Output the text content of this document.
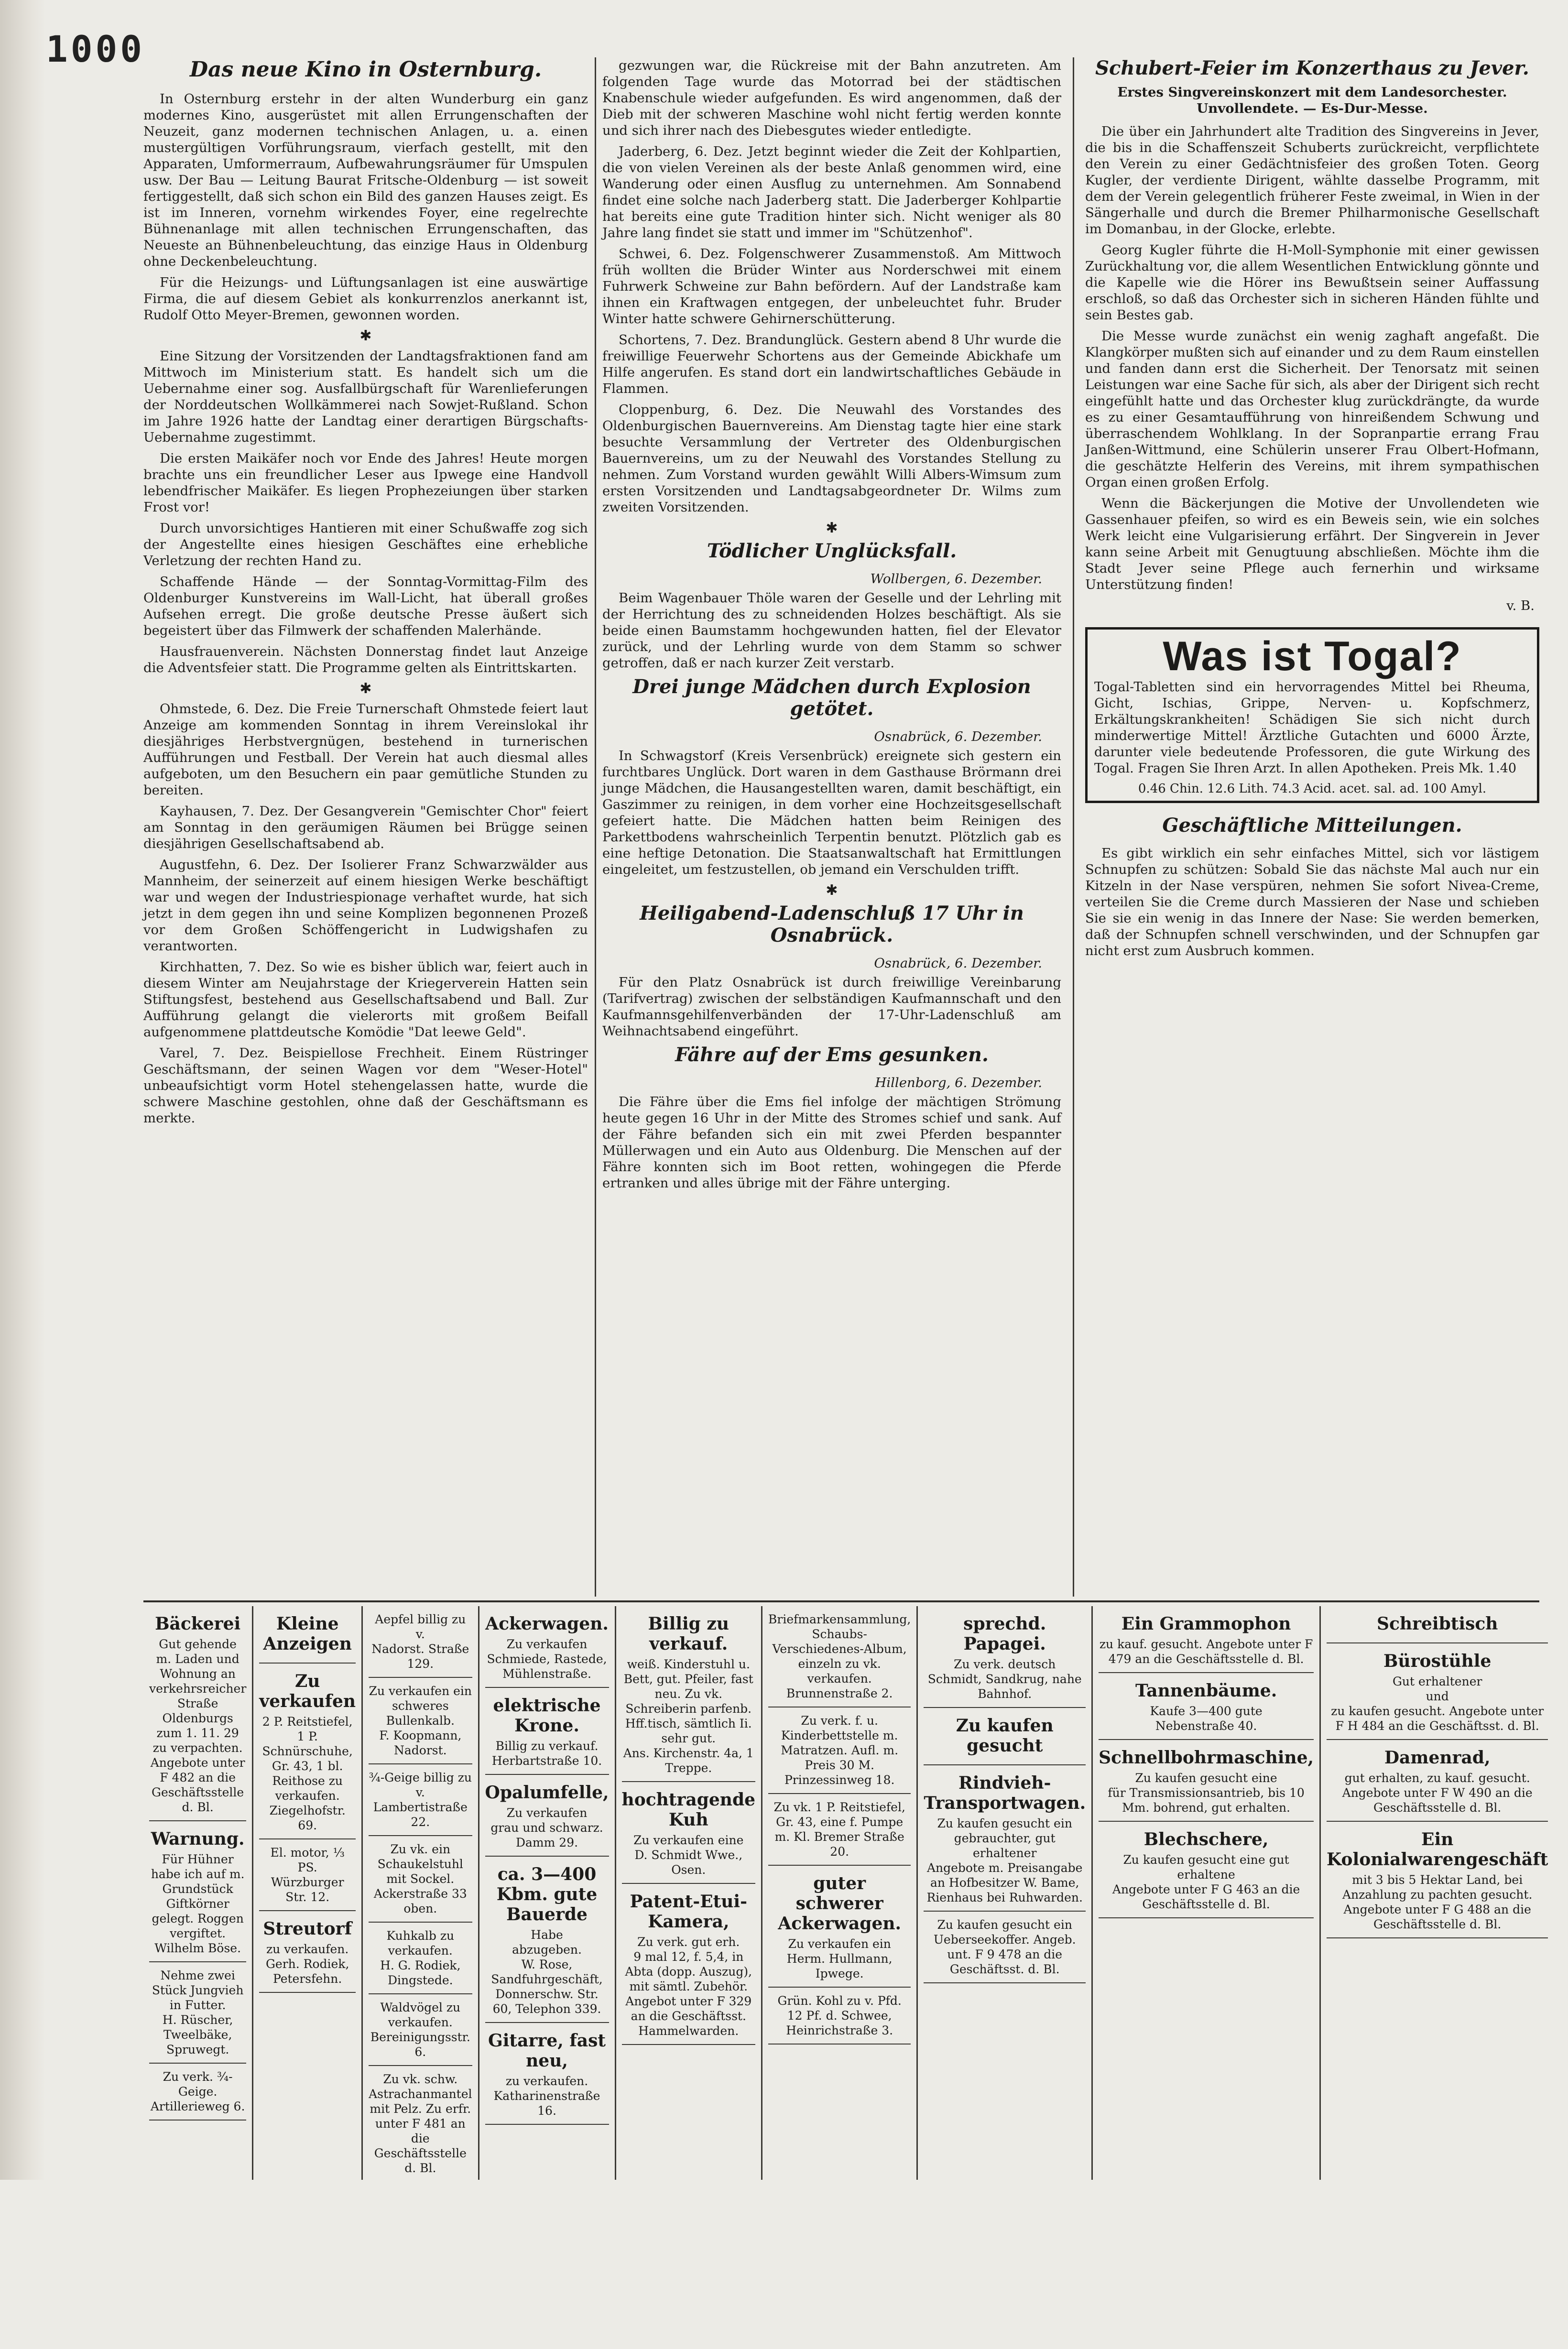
1000	Das neue Kino in Osternburg.

In Osternburg erstehr in der alten Wunderburg ein ganz modernes Kino, ausgerüstet mit allen Errungenschaften der Neuzeit, ganz modernen technischen Anlagen, u. a. einen mustergültigen Vorführungsraum, vierfach gestellt, mit den Apparaten, Umformerraum, Aufbewahrungsräumer für Umspulen usw. Der Bau — Leitung Baurat Fritsche-Oldenburg — ist soweit fertiggestellt, daß sich schon ein Bild des ganzen Hauses zeigt. Es ist im Inneren, vornehm wirkendes Foyer, eine regelrechte Bühnenanlage mit allen technischen Errungenschaften, das Neueste an Bühnenbeleuchtung, das einzige Haus in Oldenburg ohne Deckenbeleuchtung.

Für die Heizungs- und Lüftungsanlagen ist eine auswärtige Firma, die auf diesem Gebiet als konkurrenzlos anerkannt ist, Rudolf Otto Meyer-Bremen, gewonnen worden.

✱

Eine Sitzung der Vorsitzenden der Landtagsfraktionen fand am Mittwoch im Ministerium statt. Es handelt sich um die Uebernahme einer sog. Ausfallbürgschaft für Warenlieferungen der Norddeutschen Wollkämmerei nach Sowjet-Rußland. Schon im Jahre 1926 hatte der Landtag einer derartigen Bürgschafts-Uebernahme zugestimmt.

Die ersten Maikäfer noch vor Ende des Jahres! Heute morgen brachte uns ein freundlicher Leser aus Ipwege eine Handvoll lebendfrischer Maikäfer. Es liegen Prophezeiungen über starken Frost vor!

Durch unvorsichtiges Hantieren mit einer Schußwaffe zog sich der Angestellte eines hiesigen Geschäftes eine erhebliche Verletzung der rechten Hand zu.

Schaffende Hände — der Sonntag-Vormittag-Film des Oldenburger Kunstvereins im Wall-Licht, hat überall großes Aufsehen erregt. Die große deutsche Presse äußert sich begeistert über das Filmwerk der schaffenden Malerhände.

Hausfrauenverein. Nächsten Donnerstag findet laut Anzeige die Adventsfeier statt. Die Programme gelten als Eintrittskarten.

✱

Ohmstede, 6. Dez. Die Freie Turnerschaft Ohmstede feiert laut Anzeige am kommenden Sonntag in ihrem Vereinslokal ihr diesjähriges Herbstvergnügen, bestehend in turnerischen Aufführungen und Festball. Der Verein hat auch diesmal alles aufgeboten, um den Besuchern ein paar gemütliche Stunden zu bereiten.

Kayhausen, 7. Dez. Der Gesangverein "Gemischter Chor" feiert am Sonntag in den geräumigen Räumen bei Brügge seinen diesjährigen Gesellschaftsabend ab.

Augustfehn, 6. Dez. Der Isolierer Franz Schwarzwälder aus Mannheim, der seinerzeit auf einem hiesigen Werke beschäftigt war und wegen der Industriespionage verhaftet wurde, hat sich jetzt in dem gegen ihn und seine Komplizen begonnenen Prozeß vor dem Großen Schöffengericht in Ludwigshafen zu verantworten.

Kirchhatten, 7. Dez. So wie es bisher üblich war, feiert auch in diesem Winter am Neujahrstage der Kriegerverein Hatten sein Stiftungsfest, bestehend aus Gesellschaftsabend und Ball. Zur Aufführung gelangt die vielerorts mit großem Beifall aufgenommene plattdeutsche Komödie "Dat leewe Geld".

Varel, 7. Dez. Beispiellose Frechheit. Einem Rüstringer Geschäftsmann, der seinen Wagen vor dem "Weser-Hotel" unbeaufsichtigt vorm Hotel stehengelassen hatte, wurde die schwere Maschine gestohlen, ohne daß der Geschäftsmann es merkte.

gezwungen war, die Rückreise mit der Bahn anzutreten. Am folgenden Tage wurde das Motorrad bei der städtischen Knabenschule wieder aufgefunden. Es wird angenommen, daß der Dieb mit der schweren Maschine wohl nicht fertig werden konnte und sich ihrer nach des Diebesgutes wieder entledigte.

Jaderberg, 6. Dez. Jetzt beginnt wieder die Zeit der Kohlpartien, die von vielen Vereinen als der beste Anlaß genommen wird, eine Wanderung oder einen Ausflug zu unternehmen. Am Sonnabend findet eine solche nach Jaderberg statt. Die Jaderberger Kohlpartie hat bereits eine gute Tradition hinter sich. Nicht weniger als 80 Jahre lang findet sie statt und immer im "Schützenhof".

Schwei, 6. Dez. Folgenschwerer Zusammenstoß. Am Mittwoch früh wollten die Brüder Winter aus Norderschwei mit einem Fuhrwerk Schweine zur Bahn befördern. Auf der Landstraße kam ihnen ein Kraftwagen entgegen, der unbeleuchtet fuhr. Bruder Winter hatte schwere Gehirnerschütterung.

Schortens, 7. Dez. Brandunglück. Gestern abend 8 Uhr wurde die freiwillige Feuerwehr Schortens aus der Gemeinde Abickhafe um Hilfe angerufen. Es stand dort ein landwirtschaftliches Gebäude in Flammen.

Cloppenburg, 6. Dez. Die Neuwahl des Vorstandes des Oldenburgischen Bauernvereins. Am Dienstag tagte hier eine stark besuchte Versammlung der Vertreter des Oldenburgischen Bauernvereins, um zu der Neuwahl des Vorstandes Stellung zu nehmen. Zum Vorstand wurden gewählt Willi Albers-Wimsum zum ersten Vorsitzenden und Landtagsabgeordneter Dr. Wilms zum zweiten Vorsitzenden.

✱
Tödlicher Unglücksfall.
Wollbergen, 6. Dezember.

Beim Wagenbauer Thöle waren der Geselle und der Lehrling mit der Herrichtung des zu schneidenden Holzes beschäftigt. Als sie beide einen Baumstamm hochgewunden hatten, fiel der Elevator zurück, und der Lehrling wurde von dem Stamm so schwer getroffen, daß er nach kurzer Zeit verstarb.

Drei junge Mädchen durch Explosion getötet.
Osnabrück, 6. Dezember.

In Schwagstorf (Kreis Versenbrück) ereignete sich gestern ein furchtbares Unglück. Dort waren in dem Gasthause Brörmann drei junge Mädchen, die Hausangestellten waren, damit beschäftigt, ein Gaszimmer zu reinigen, in dem vorher eine Hochzeitsgesellschaft gefeiert hatte. Die Mädchen hatten beim Reinigen des Parkettbodens wahrscheinlich Terpentin benutzt. Plötzlich gab es eine heftige Detonation. Die Staatsanwaltschaft hat Ermittlungen eingeleitet, um festzustellen, ob jemand ein Verschulden trifft.

✱
Heiligabend-Ladenschluß 17 Uhr in Osnabrück.
Osnabrück, 6. Dezember.

Für den Platz Osnabrück ist durch freiwillige Vereinbarung (Tarifvertrag) zwischen der selbständigen Kaufmannschaft und den Kaufmannsgehilfenverbänden der 17-Uhr-Ladenschluß am Weihnachtsabend eingeführt.

Fähre auf der Ems gesunken.
Hillenborg, 6. Dezember.

Die Fähre über die Ems fiel infolge der mächtigen Strömung heute gegen 16 Uhr in der Mitte des Stromes schief und sank. Auf der Fähre befanden sich ein mit zwei Pferden bespannter Müllerwagen und ein Auto aus Oldenburg. Die Menschen auf der Fähre konnten sich im Boot retten, wohingegen die Pferde ertranken und alles übrige mit der Fähre unterging.

Schubert-Feier im Konzerthaus zu Jever.
Erstes Singvereinskonzert mit dem Landesorchester. Unvollendete. — Es-Dur-Messe.

Die über ein Jahrhundert alte Tradition des Singvereins in Jever, die bis in die Schaffenszeit Schuberts zurückreicht, verpflichtete den Verein zu einer Gedächtnisfeier des großen Toten. Georg Kugler, der verdiente Dirigent, wählte dasselbe Programm, mit dem der Verein gelegentlich früherer Feste zweimal, in Wien in der Sängerhalle und durch die Bremer Philharmonische Gesellschaft im Domanbau, in der Glocke, erlebte.

Georg Kugler führte die H-Moll-Symphonie mit einer gewissen Zurückhaltung vor, die allem Wesentlichen Entwicklung gönnte und die Kapelle wie die Hörer ins Bewußtsein seiner Auffassung erschloß, so daß das Orchester sich in sicheren Händen fühlte und sein Bestes gab.

Die Messe wurde zunächst ein wenig zaghaft angefaßt. Die Klangkörper mußten sich auf einander und zu dem Raum einstellen und fanden dann erst die Sicherheit. Der Tenorsatz mit seinen Leistungen war eine Sache für sich, als aber der Dirigent sich recht eingefühlt hatte und das Orchester klug zurückdrängte, da wurde es zu einer Gesamtaufführung von hinreißendem Schwung und überraschendem Wohlklang. In der Sopranpartie errang Frau Janßen-Wittmund, eine Schülerin unserer Frau Olbert-Hofmann, die geschätzte Helferin des Vereins, mit ihrem sympathischen Organ einen großen Erfolg.

Wenn die Bäckerjungen die Motive der Unvollendeten wie Gassenhauer pfeifen, so wird es ein Beweis sein, wie ein solches Werk leicht eine Vulgarisierung erfährt. Der Singverein in Jever kann seine Arbeit mit Genugtuung abschließen. Möchte ihm die Stadt Jever seine Pflege auch fernerhin und wirksame Unterstützung finden!

v. B.
Was ist Togal?
Togal-Tabletten sind ein hervorragendes Mittel bei Rheuma, Gicht, Ischias, Grippe, Nerven- u. Kopfschmerz, Erkältungskrankheiten! Schädigen Sie sich nicht durch minderwertige Mittel! Ärztliche Gutachten und 6000 Ärzte, darunter viele bedeutende Professoren, die gute Wirkung des Togal. Fragen Sie Ihren Arzt. In allen Apotheken. Preis Mk. 1.40
0.46 Chin. 12.6 Lith. 74.3 Acid. acet. sal. ad. 100 Amyl.
Geschäftliche Mitteilungen.

Es gibt wirklich ein sehr einfaches Mittel, sich vor lästigem Schnupfen zu schützen: Sobald Sie das nächste Mal auch nur ein Kitzeln in der Nase verspüren, nehmen Sie sofort Nivea-Creme, verteilen Sie die Creme durch Massieren der Nase und schieben Sie sie ein wenig in das Innere der Nase: Sie werden bemerken, daß der Schnupfen schnell verschwinden, und der Schnupfen gar nicht erst zum Ausbruch kommen.

Bäckerei
Gut gehende
m. Laden und Wohnung an verkehrsreicher Straße Oldenburgs zum 1. 11. 29 zu verpachten.
Angebote unter F 482 an die Geschäftsstelle d. Bl.
Warnung.
Für Hühner habe ich auf m. Grundstück Giftkörner gelegt. Roggen vergiftet.
Wilhelm Böse.
Nehme zwei Stück Jungvieh in Futter.
H. Rüscher, Tweelbäke, Spruwegt.
Zu verk. ¾-Geige.
Artillerieweg 6.
Kleine Anzeigen
Zu verkaufen
2 P. Reitstiefel, 1 P. Schnürschuhe, Gr. 43, 1 bl. Reithose zu verkaufen.
Ziegelhofstr. 69.
El. motor, ⅓ PS.
Würzburger Str. 12.
Streutorf
zu verkaufen.
Gerh. Rodiek, Petersfehn.
Aepfel billig zu v.
Nadorst. Straße 129.
Zu verkaufen ein schweres Bullenkalb.
F. Koopmann, Nadorst.
¾-Geige billig zu v.
Lambertistraße 22.
Zu vk. ein Schaukelstuhl mit Sockel.
Ackerstraße 33 oben.
Kuhkalb zu verkaufen.
H. G. Rodiek, Dingstede.
Waldvögel zu verkaufen.
Bereinigungsstr. 6.
Zu vk. schw. Astrachanmantel mit Pelz. Zu erfr. unter F 481 an die Geschäftsstelle d. Bl.
Ackerwagen.
Zu verkaufen
Schmiede, Rastede, Mühlenstraße.
elektrische Krone.
Billig zu verkauf.
Herbartstraße 10.
Opalumfelle,
Zu verkaufen
grau und schwarz.
Damm 29.
ca. 3—400 Kbm. gute Bauerde
Habe
abzugeben.
W. Rose, Sandfuhrgeschäft, Donnerschw. Str. 60, Telephon 339.
Gitarre, fast neu,
zu verkaufen.
Katharinenstraße 16.
Billig zu verkauf.
weiß. Kinderstuhl u. Bett, gut. Pfeiler, fast neu. Zu vk. Schreiberin parfenb. Hff.tisch, sämtlich Ii. sehr gut.
Ans. Kirchenstr. 4a, 1 Treppe.
hochtragende Kuh
Zu verkaufen eine
D. Schmidt Wwe., Osen.
Patent-Etui-Kamera,
Zu verk. gut erh.
9 mal 12, f. 5,4, in Abta (dopp. Auszug), mit sämtl. Zubehör.
Angebot unter F 329 an die Geschäftsst.
Hammelwarden.
Briefmarkensammlung, Schaubs-Verschiedenes-Album, einzeln zu vk. verkaufen.
Brunnenstraße 2.
Zu verk. f. u. Kinderbettstelle m. Matratzen. Aufl. m. Preis 30 M.
Prinzessinweg 18.
Zu vk. 1 P. Reitstiefel, Gr. 43, eine f. Pumpe m. Kl. Bremer Straße 20.
guter schwerer Ackerwagen.
Zu verkaufen ein
Herm. Hullmann, Ipwege.
Grün. Kohl zu v. Pfd. 12 Pf. d. Schwee, Heinrichstraße 3.
sprechd. Papagei.
Zu verk. deutsch
Schmidt, Sandkrug, nahe Bahnhof.
Zu kaufen gesucht
Rindvieh-Transportwagen.
Zu kaufen gesucht ein gebrauchter, gut erhaltener
Angebote m. Preisangabe an Hofbesitzer W. Bame, Rienhaus bei Ruhwarden.
Zu kaufen gesucht ein Ueberseekoffer. Angeb. unt. F 9 478 an die Geschäftsst. d. Bl.
Ein Grammophon
zu kauf. gesucht. Angebote unter F 479 an die Geschäftsstelle d. Bl.
Tannenbäume.
Kaufe 3—400 gute
Nebenstraße 40.
Schnellbohrmaschine,
Zu kaufen gesucht eine
für Transmissionsantrieb, bis 10 Mm. bohrend, gut erhalten.
Blechschere,
Zu kaufen gesucht eine gut erhaltene
Angebote unter F G 463 an die Geschäftsstelle d. Bl.
Schreibtisch
Bürostühle
Gut erhaltener
und
zu kaufen gesucht. Angebote unter F H 484 an die Geschäftsst. d. Bl.
Damenrad,
gut erhalten, zu kauf. gesucht. Angebote unter F W 490 an die Geschäftsstelle d. Bl.
Ein Kolonialwarengeschäft
mit 3 bis 5 Hektar Land, bei Anzahlung zu pachten gesucht. Angebote unter F G 488 an die Geschäftsstelle d. Bl.
